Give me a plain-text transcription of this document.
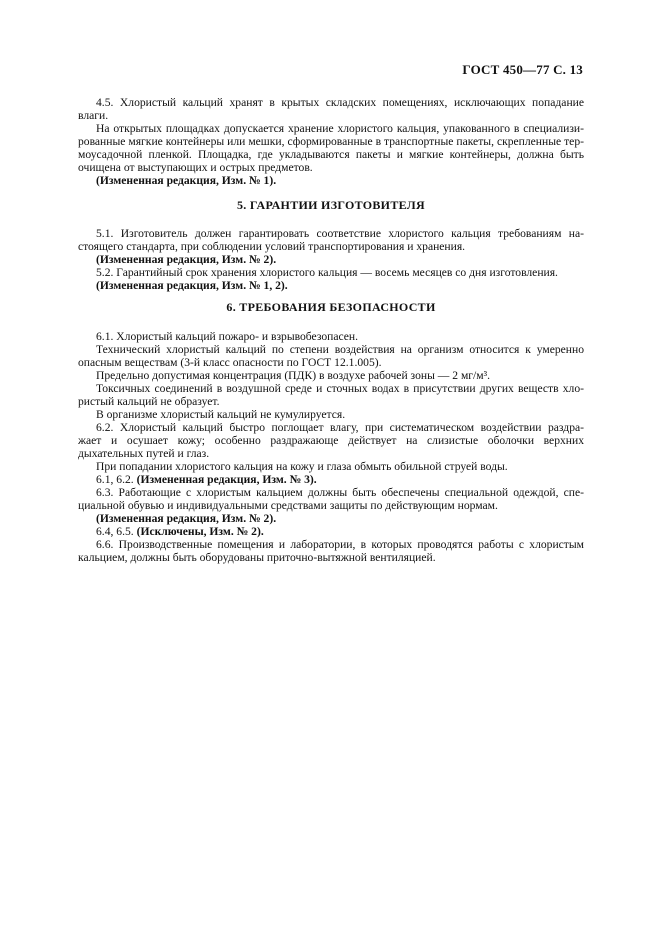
ГОСТ 450—77 С. 13
4.5. Хлористый кальций хранят в крытых складских помещениях, исключающих попадание
влаги.
На открытых площадках допускается хранение хлористого кальция, упакованного в специализи-
рованные мягкие контейнеры или мешки, сформированные в транспортные пакеты, скрепленные тер-
моусадочной пленкой. Площадка, где укладываются пакеты и мягкие контейнеры, должна быть
очищена от выступающих и острых предметов.
(Измененная редакция, Изм. № 1).
5.1. Изготовитель должен гарантировать соответствие хлористого кальция требованиям на-
стоящего стандарта, при соблюдении условий транспортирования и хранения.
(Измененная редакция, Изм. № 2).
5.2. Гарантийный срок хранения хлористого кальция — восемь месяцев со дня изготовления.
(Измененная редакция, Изм. № 1, 2).
6.1. Хлористый кальций пожаро- и взрывобезопасен.
Технический хлористый кальций по степени воздействия на организм относится к умеренно
опасным веществам (3-й класс опасности по ГОСТ 12.1.005).
Предельно допустимая концентрация (ПДК) в воздухе рабочей зоны — 2 мг/м³.
Токсичных соединений в воздушной среде и сточных водах в присутствии других веществ хло-
ристый кальций не образует.
В организме хлористый кальций не кумулируется.
6.2. Хлористый кальций быстро поглощает влагу, при систематическом воздействии раздра-
жает и осушает кожу; особенно раздражающе действует на слизистые оболочки верхних
дыхательных путей и глаз.
При попадании хлористого кальция на кожу и глаза обмыть обильной струей воды.
6.1, 6.2. (Измененная редакция, Изм. № 3).
6.3. Работающие с хлористым кальцием должны быть обеспечены специальной одеждой, спе-
циальной обувью и индивидуальными средствами защиты по действующим нормам.
(Измененная редакция, Изм. № 2).
6.4, 6.5. (Исключены, Изм. № 2).
6.6. Производственные помещения и лаборатории, в которых проводятся работы с хлористым
кальцием, должны быть оборудованы приточно-вытяжной вентиляцией.
5. ГАРАНТИИ ИЗГОТОВИТЕЛЯ
6. ТРЕБОВАНИЯ БЕЗОПАСНОСТИ
